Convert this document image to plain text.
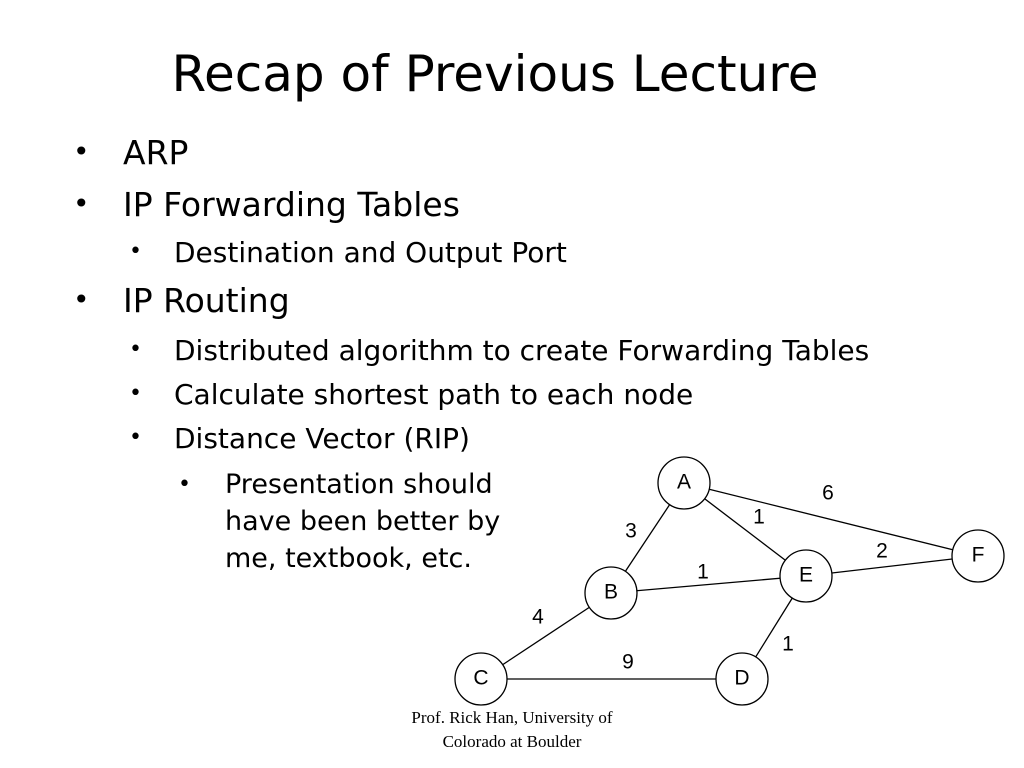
Recap of Previous Lecture
• ARP
• IP Forwarding Tables
• Destination and Output Port
• IP Routing
• Distributed algorithm to create Forwarding Tables
• Calculate shortest path to each node
• Distance Vector (RIP)
• Presentation should
have been better by
me, textbook, etc.
A
B
C	D
E
F
6
1
3
2
1
4
9
1
Prof. Rick Han, University of
Colorado at Boulder
